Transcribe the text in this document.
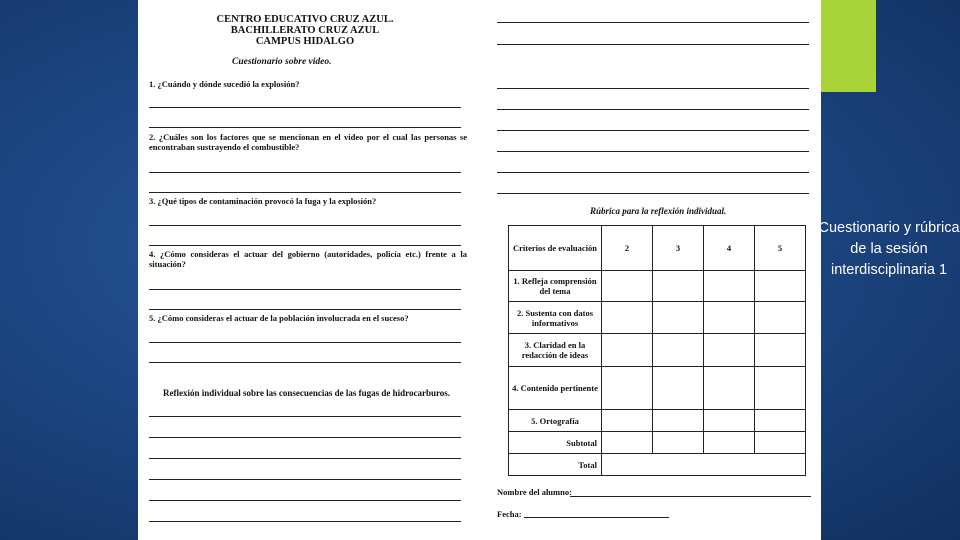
Cuestionario y rúbrica de la sesión interdisciplinaria 1
CENTRO EDUCATIVO CRUZ AZUL.
BACHILLERATO CRUZ AZUL
CAMPUS HIDALGO
Cuestionario sobre video.
1. ¿Cuándo y dónde sucedió la explosión?
2. ¿Cuáles son los factores que se mencionan en el video por el cual las personas se encontraban sustrayendo el combustible?
3. ¿Qué tipos de contaminación provocó la fuga y la explosión?
4. ¿Cómo consideras el actuar del gobierno (autoridades, policía etc.) frente a la situación?
5. ¿Cómo consideras el actuar de la población involucrada en el suceso?
Reflexión individual sobre las consecuencias de las fugas de hidrocarburos.
Rúbrica para la reflexión individual.
Criterios de evaluación	2	3	4	5
1. Refleja comprensión del tema				
2. Sustenta con datos informativos				
3. Claridad en la redacción de ideas				
4. Contenido pertinente				
5. Ortografía				
Subtotal				
Total				
Nombre del alumno:
Fecha:
